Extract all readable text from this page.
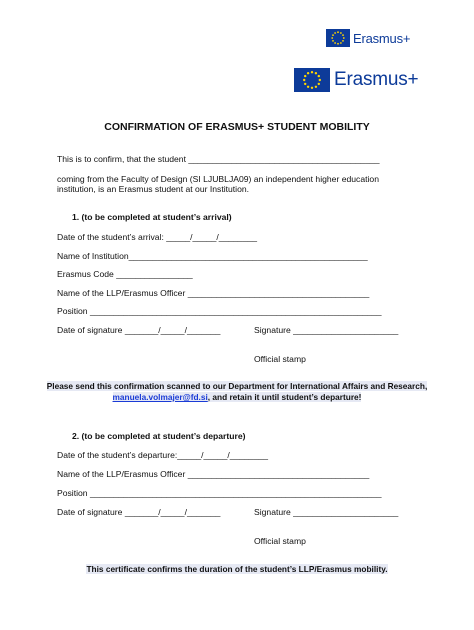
Erasmus+
Erasmus+
CONFIRMATION OF ERASMUS+ STUDENT MOBILITY
This is to confirm, that the student ________________________________________
coming from the Faculty of Design (SI LJUBLJA09) an independent higher education
institution, is an Erasmus student at our Institution.
1. (to be completed at student’s arrival)
Date of the student’s arrival: _____/_____/________
Name of Institution__________________________________________________
Erasmus Code ________________
Name of the LLP/Erasmus Officer ______________________________________
Position _____________________________________________________________
Date of signature _______/_____/_______	Signature ______________________
Official stamp
Please send this confirmation scanned to our Department for International Affairs and Research, manuela.volmajer@fd.si, and retain it until student’s departure!
2. (to be completed at student’s departure)
Date of the student’s departure:_____/_____/________
Name of the LLP/Erasmus Officer ______________________________________
Position _____________________________________________________________
Date of signature _______/_____/_______	Signature ______________________
Official stamp
This certificate confirms the duration of the student’s LLP/Erasmus mobility.
